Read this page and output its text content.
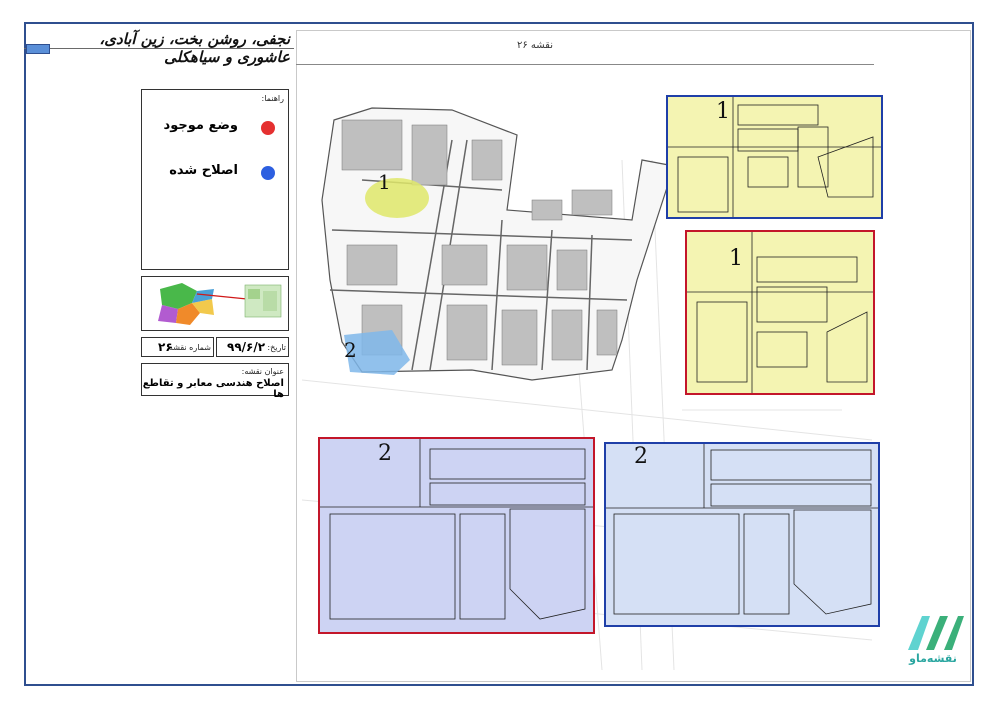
نجفی، روشن بخت، زین آبادی، عاشوری و سیاهکلی
نقشه ۲۶
راهنما:
وضع موجود
اصلاح شده
تاریخ:
۹۹/۶/۲
شماره نقشه:
۲۶
عنوان نقشه:
اصلاح هندسی معابر و تقاطع ها
1
2
1
1
2	2
نقشه‌ماو
